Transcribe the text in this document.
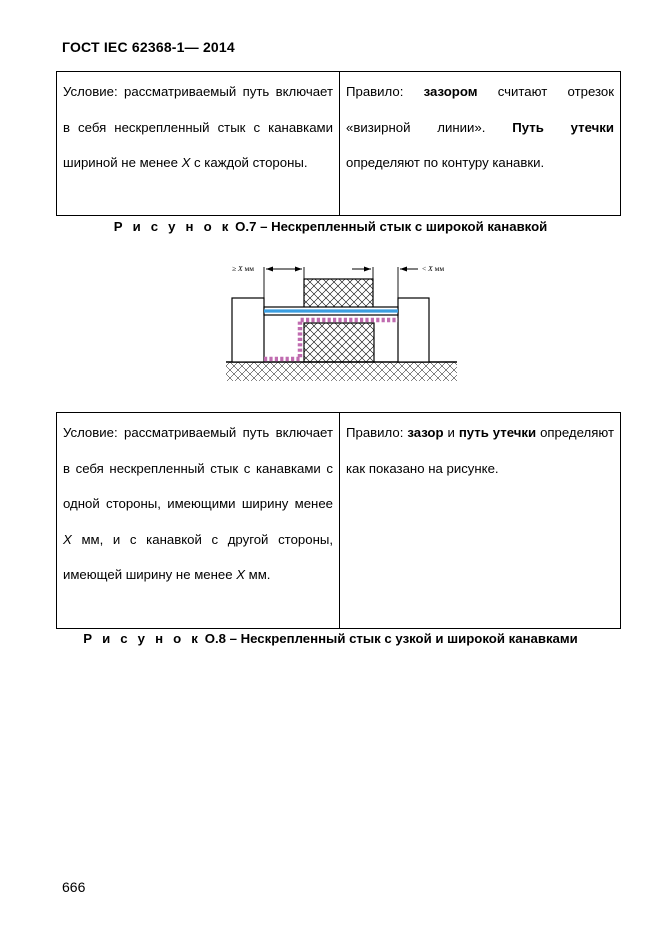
ГОСТ IEC 62368-1— 2014
Условие: рассматриваемый путь включает в себя нескрепленный стык с канавками шириной не менее X с каждой стороны.	Правило: зазором считают отрезок «визирной линии». Путь утечки определяют по контуру канавки.
Р и с у н о к О.7 – Нескрепленный стык с широкой канавкой
≥ X мм	< X мм
Условие: рассматриваемый путь включает в себя нескрепленный стык с канавками с одной стороны, имеющими ширину менее X мм, и с канавкой с другой стороны, имеющей ширину не менее X мм.	Правило: зазор и путь утечки определяют как показано на рисунке.
Р и с у н о к О.8 – Нескрепленный стык с узкой и широкой канавками
666
